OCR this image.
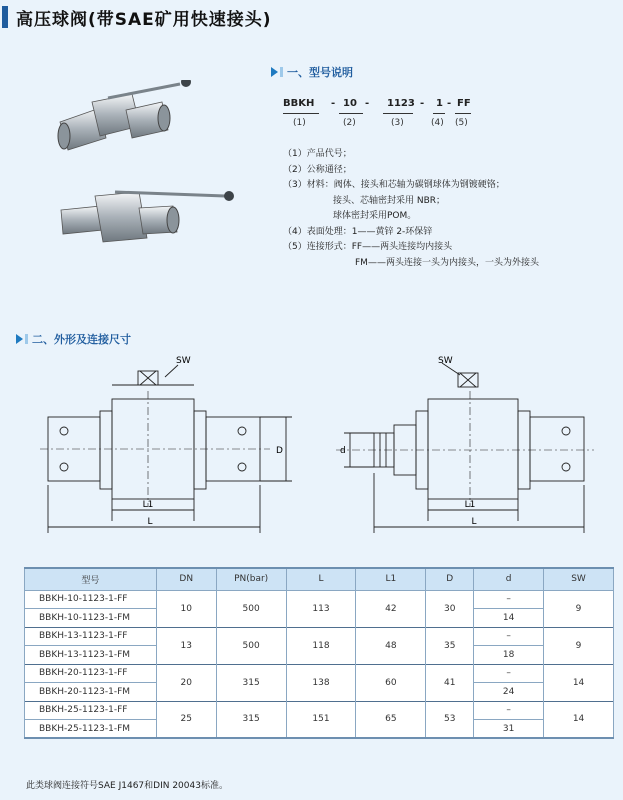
高压球阀(带SAE矿用快速接头)
一、型号说明
BBKH - 10 - 1123 - 1 - FF
(1)	(2)	(3)	(4) (5)
（1）产品代号；
（2）公称通径；
（3）材料：阀体、接头和芯轴为碳钢球体为钢镀硬铬；
接头、芯轴密封采用 NBR；
球体密封采用POM。
（4）表面处理：1——黄锌 2-环保锌
（5）连接形式：FF——两头连接均内接头
FM——两头连接一头为内接头，一头为外接头
二、外形及连接尺寸
SW
L1
L
D
SW
L1
L
d
型号	DN	PN(bar)	L	L1	D	d	SW
BBKH-10-1123-1-FF	10	500	113	42	30	–	9
BBKH-10-1123-1-FM						14	
BBKH-13-1123-1-FF	13	500	118	48	35	–	9
BBKH-13-1123-1-FM						18	
BBKH-20-1123-1-FF	20	315	138	60	41	–	14
BBKH-20-1123-1-FM						24	
BBKH-25-1123-1-FF	25	315	151	65	53	–	14
BBKH-25-1123-1-FM						31	
此类球阀连接符号SAE J1467和DIN 20043标准。
